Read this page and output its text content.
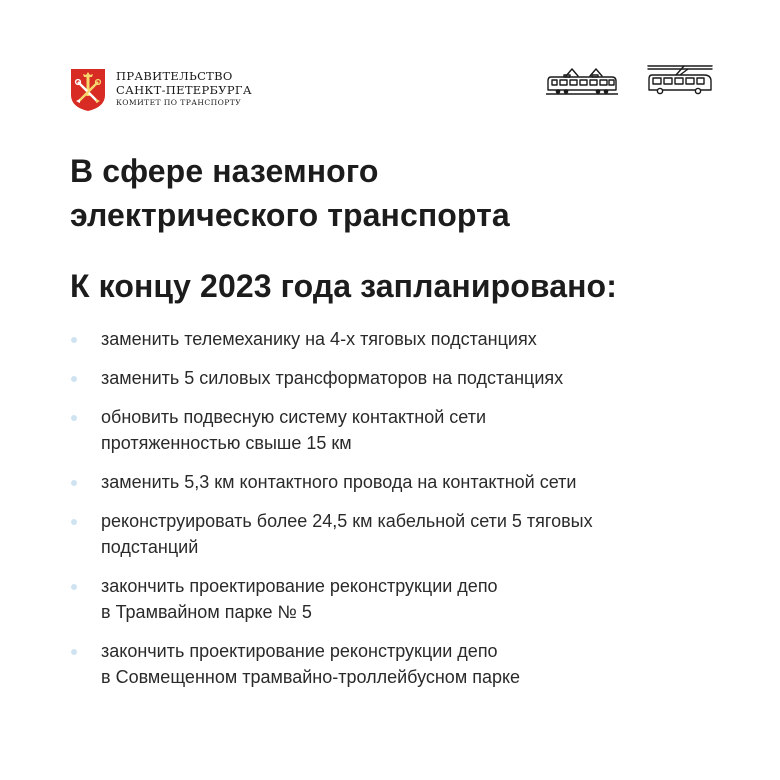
ПРАВИТЕЛЬСТВО
САНКТ-ПЕТЕРБУРГА
КОМИТЕТ ПО ТРАНСПОРТУ
В сфере наземного
электрического транспорта
К концу 2023 года запланировано:
заменить телемеханику на 4-х тяговых подстанциях
заменить 5 силовых трансформаторов на подстанциях
обновить подвесную систему контактной сети
протяженностью свыше 15 км
заменить 5,3 км контактного провода на контактной сети
реконструировать более 24,5 км кабельной сети 5 тяговых
подстанций
закончить проектирование реконструкции депо
в Трамвайном парке № 5
закончить проектирование реконструкции депо
в Совмещенном трамвайно-троллейбусном парке
